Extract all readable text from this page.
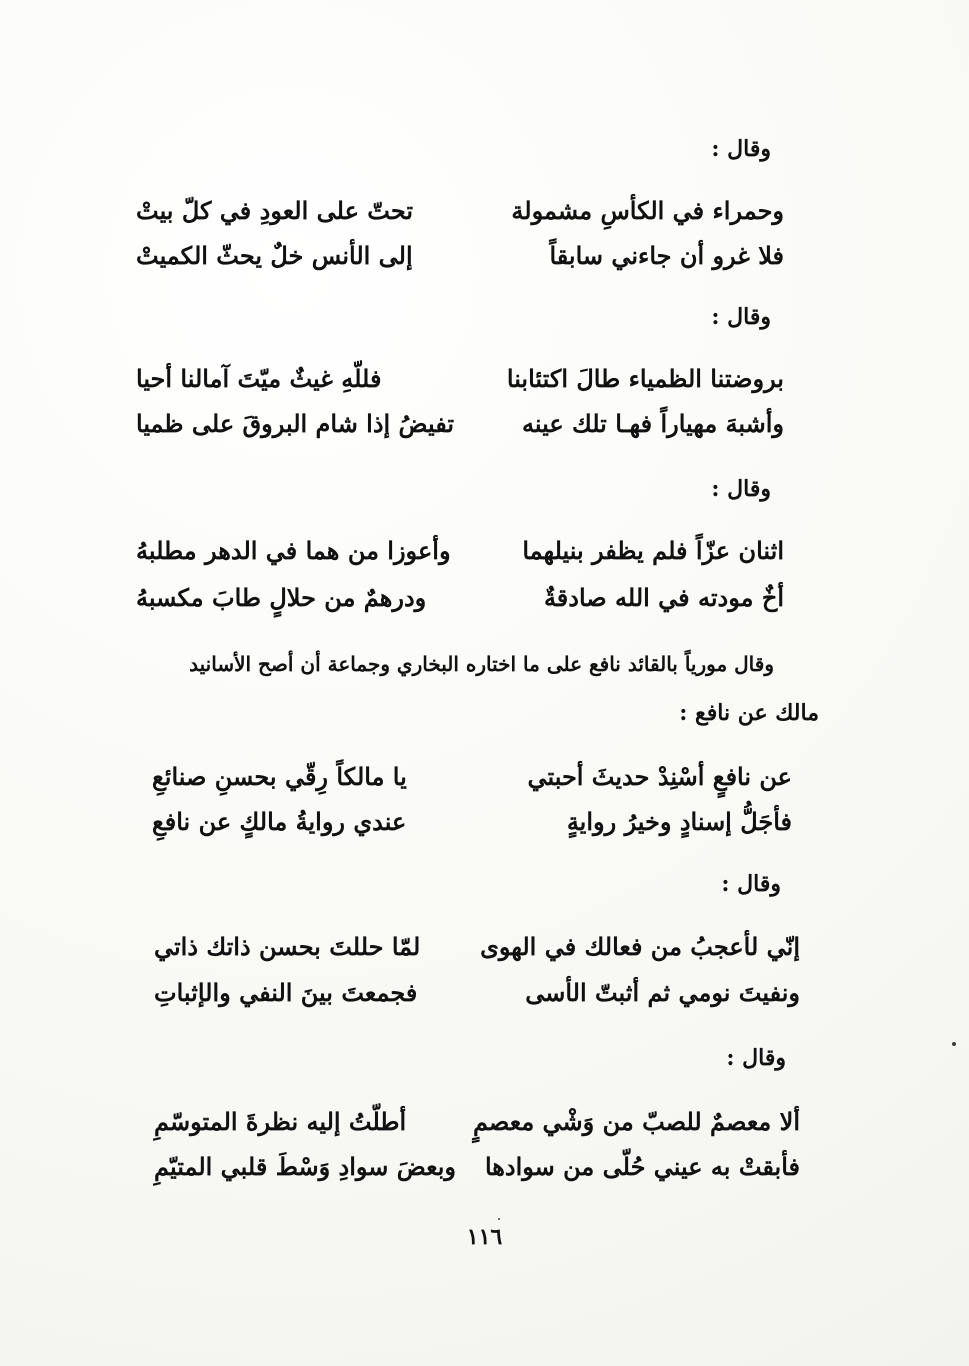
وقال :
وحمراء في الكأسِ مشمولة
تحتّ على العودِ في كلّ بيتْ
فلا غرو أن جاءني سابقاً
إلى الأنس خلٌ يحثّ الكميتْ
وقال :
بروضتنا الظمياء طالَ اكتئابنا
فللّهِ غيثٌ ميّتَ آمالنا أحيا
وأشبهَ مهياراً فهـا تلك عينه
تفيضُ إذا شام البروقَ على ظميا
وقال :
اثنان عزّاً فلم يظفر بنيلهما
وأعوزا من هما في الدهر مطلبهُ
أخٌ مودته في الله صادقةٌ
ودرهمٌ من حلالٍ طابَ مكسبهُ
وقال مورياً بالقائد نافع على ما اختاره البخاري وجماعة أن أصح الأسانيد
مالك عن نافع :
عن نافعٍ أسْنِدْ حديثَ أحبتي
يا مالكاً رِقّي بحسنِ صنائعِ
فأجَلُّ إسنادٍ وخيرُ روايةٍ
عندي روايةُ مالكٍ عن نافعِ
وقال :
إنّي لأعجبُ من فعالك في الهوى
لمّا حللتَ بحسن ذاتك ذاتي
ونفيتَ نومي ثم أثبتّ الأسى
فجمعتَ بينَ النفي والإثباتِ
وقال :
ألا معصمٌ للصبّ من وَشْي معصمٍ
أطلّتُ إليه نظرةَ المتوسّمِ
فأبقتْ به عيني حُلّى من سوادها
وبعضَ سوادِ وَسْطَ قلبي المتيّمِ
١١٦
